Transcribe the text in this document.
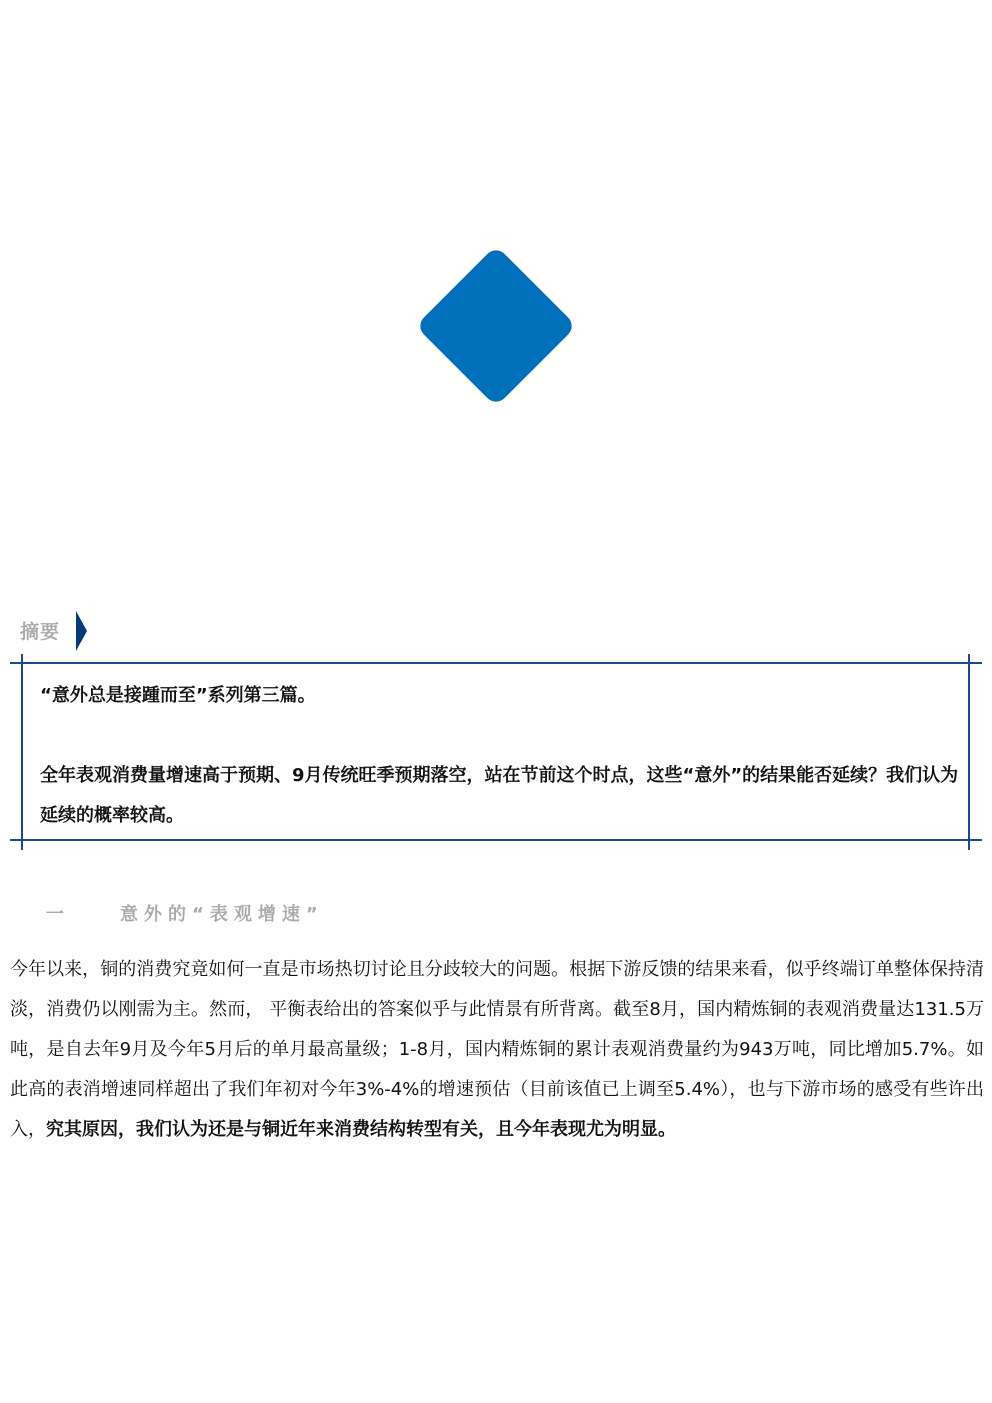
摘要

“意外总是接踵而至”系列第三篇。

全年表观消费量增速高于预期、9月传统旺季预期落空，站在节前这个时点，这些“意外”的结果能否延续？我们认为延续的概率较高。

一	意外的“表观增速”
今年以来，铜的消费究竟如何一直是市场热切讨论且分歧较大的问题。根据下游反馈的结果来看，似乎终端订单整体保持清淡，消费仍以刚需为主。然而， 平衡表给出的答案似乎与此情景有所背离。截至8月，国内精炼铜的表观消费量达131.5万吨，是自去年9月及今年5月后的单月最高量级；1-8月，国内精炼铜的累计表观消费量约为943万吨，同比增加5.7%。如此高的表消增速同样超出了我们年初对今年3%-4%的增速预估（目前该值已上调至5.4%），也与下游市场的感受有些许出入，究其原因，我们认为还是与铜近年来消费结构转型有关，且今年表现尤为明显。
